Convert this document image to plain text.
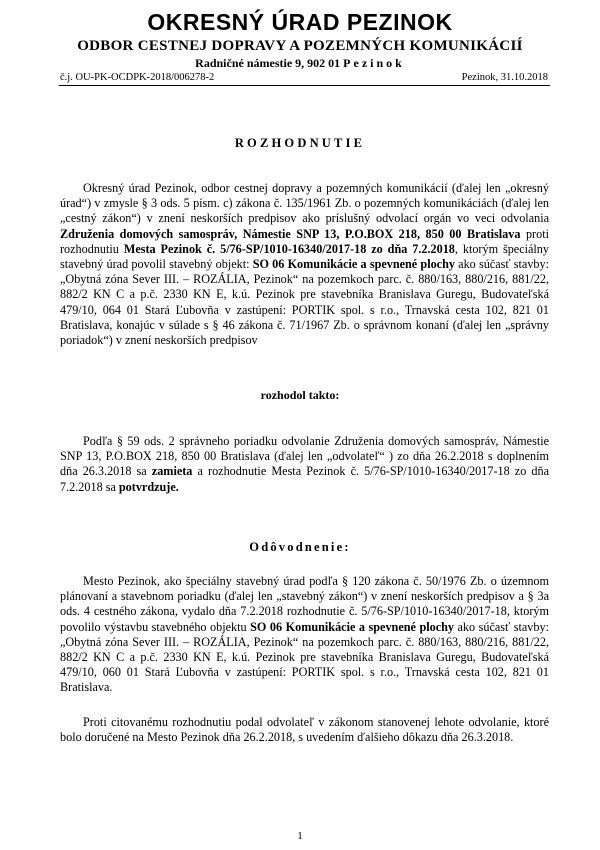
OKRESNÝ ÚRAD PEZINOK
ODBOR CESTNEJ DOPRAVY A POZEMNÝCH KOMUNIKÁCIÍ
Radničné námestie 9, 902 01 Pezinok
č.j. OU-PK-OCDPK-2018/006278-2	Pezinok, 31.10.2018
ROZHODNUTIE
Okresný úrad Pezinok, odbor cestnej dopravy a pozemných komunikácií (ďalej len „okresný úrad“) v zmysle § 3 ods. 5 písm. c) zákona č. 135/1961 Zb. o pozemných komunikáciách (ďalej len „cestný zákon“) v znení neskorších predpisov ako príslušný odvolací orgán vo veci odvolania Združenia domových samospráv, Námestie SNP 13, P.O.BOX 218, 850 00 Bratislava proti rozhodnutiu Mesta Pezinok č. 5/76-SP/1010-16340/2017-18 zo dňa 7.2.2018, ktorým špeciálny stavebný úrad povolil stavebný objekt: SO 06 Komunikácie a spevnené plochy ako súčasť stavby: „Obytná zóna Sever III. – ROZÁLIA, Pezinok“ na pozemkoch parc. č. 880/163, 880/216, 881/22, 882/2 KN C a p.č. 2330 KN E, k.ú. Pezinok pre stavebníka Branislava Guregu, Budovateľská 479/10, 064 01 Stará Ľubovňa v zastúpení: PORTIK spol. s r.o., Trnavská cesta 102, 821 01 Bratislava, konajúc v súlade s § 46 zákona č. 71/1967 Zb. o správnom konaní (ďalej len „správny poriadok“) v znení neskorších predpisov
rozhodol takto:
Podľa § 59 ods. 2 správneho poriadku odvolanie Združenia domových samospráv, Námestie SNP 13, P.O.BOX 218, 850 00 Bratislava (ďalej len „odvolateľ“ ) zo dňa 26.2.2018 s doplnením dňa 26.3.2018 sa zamieta a rozhodnutie Mesta Pezinok č. 5/76-SP/1010-16340/2017-18 zo dňa 7.2.2018 sa potvrdzuje.
Odôvodnenie:
Mesto Pezinok, ako špeciálny stavebný úrad podľa § 120 zákona č. 50/1976 Zb. o územnom plánovaní a stavebnom poriadku (ďalej len „stavebný zákon“) v znení neskorších predpisov a § 3a ods. 4 cestného zákona, vydalo dňa 7.2.2018 rozhodnutie č. 5/76-SP/1010-16340/2017-18, ktorým povolilo výstavbu stavebného objektu SO 06 Komunikácie a spevnené plochy ako súčasť stavby: „Obytná zóna Sever III. – ROZÁLIA, Pezinok“ na pozemkoch parc. č. 880/163, 880/216, 881/22, 882/2 KN C a p.č. 2330 KN E, k.ú. Pezinok pre stavebníka Branislava Guregu, Budovateľská 479/10, 060 01 Stará Ľubovňa v zastúpení: PORTIK spol. s r.o., Trnavská cesta 102, 821 01 Bratislava.
Proti citovanému rozhodnutiu podal odvolateľ v zákonom stanovenej lehote odvolanie, ktoré bolo doručené na Mesto Pezinok dňa 26.2.2018, s uvedením ďalšieho dôkazu dňa 26.3.2018.
1
